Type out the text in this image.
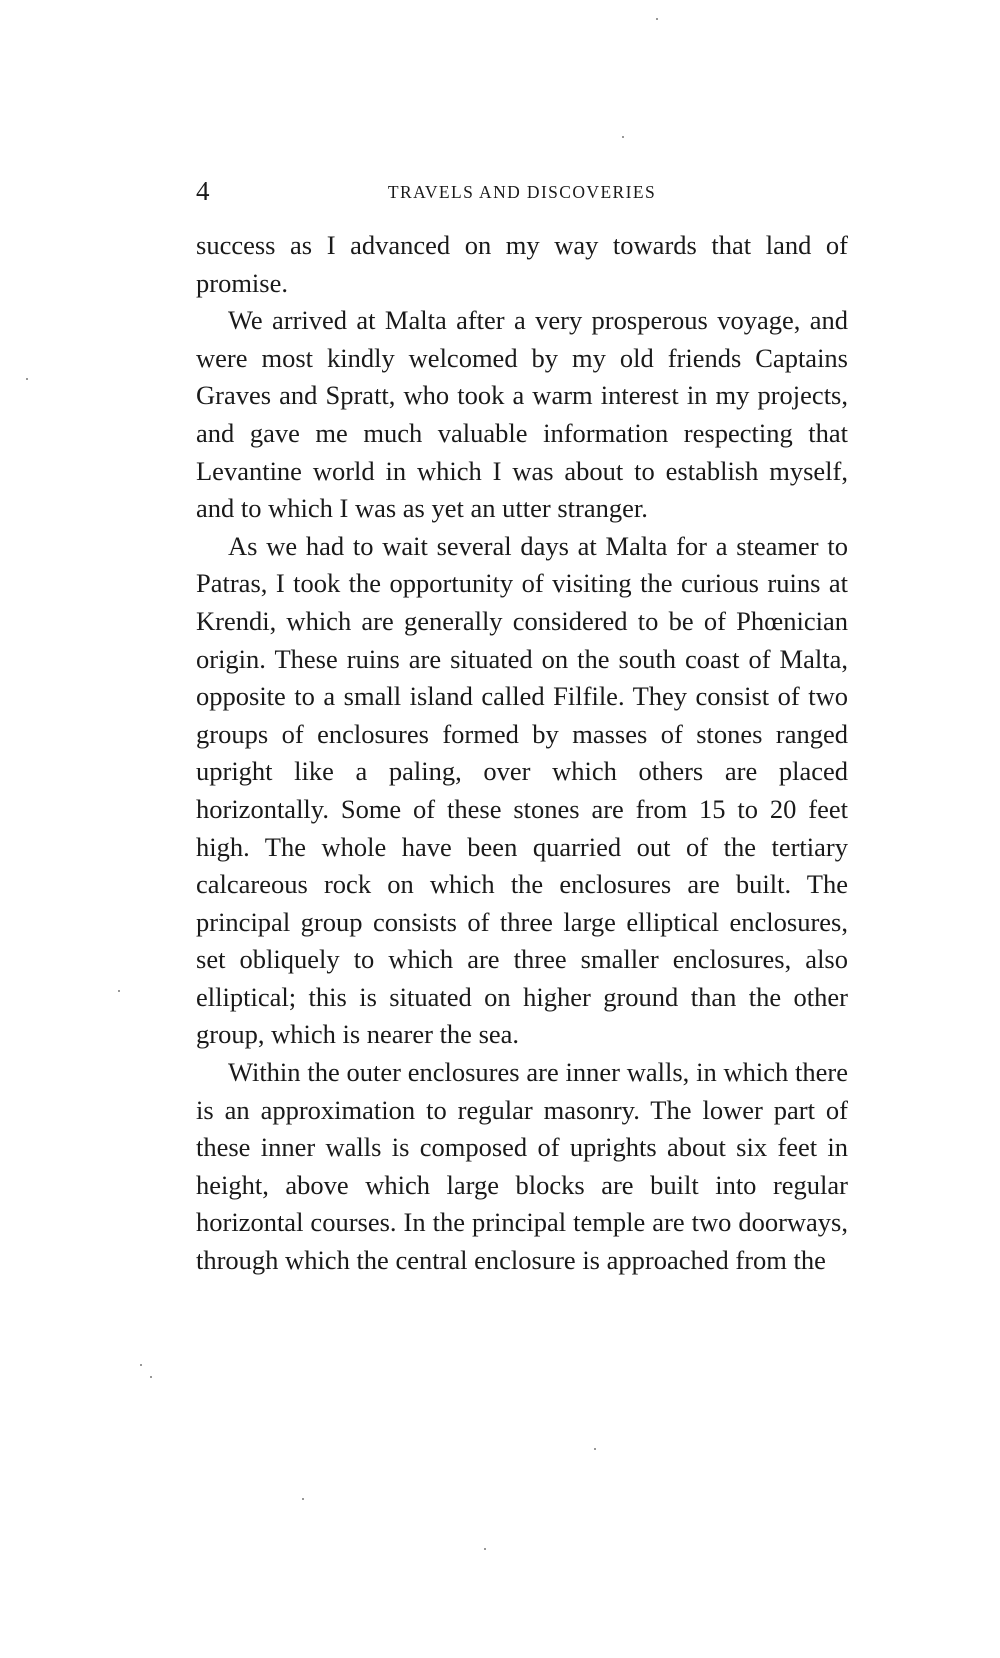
4	TRAVELS AND DISCOVERIES

success as I advanced on my way towards that land of promise.

We arrived at Malta after a very prosperous voyage, and were most kindly welcomed by my old friends Captains Graves and Spratt, who took a warm interest in my projects, and gave me much valuable information respecting that Levantine world in which I was about to establish myself, and to which I was as yet an utter stranger.

As we had to wait several days at Malta for a steamer to Patras, I took the opportunity of visiting the curious ruins at Krendi, which are generally considered to be of Phœnician origin. These ruins are situated on the south coast of Malta, opposite to a small island called Filfile. They consist of two groups of enclosures formed by masses of stones ranged upright like a paling, over which others are placed horizontally. Some of these stones are from 15 to 20 feet high. The whole have been quarried out of the tertiary calcareous rock on which the enclosures are built. The principal group consists of three large elliptical enclosures, set obliquely to which are three smaller enclosures, also elliptical; this is situated on higher ground than the other group, which is nearer the sea.

Within the outer enclosures are inner walls, in which there is an approximation to regular masonry. The lower part of these inner walls is composed of uprights about six feet in height, above which large blocks are built into regular horizontal courses. In the principal temple are two doorways, through which the central enclosure is approached from the
